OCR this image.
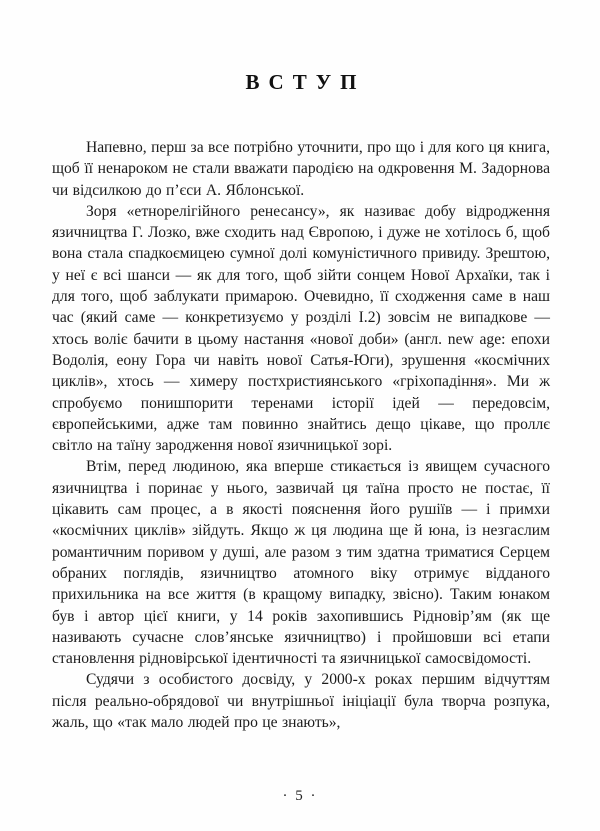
ВСТУП

Напевно, перш за все потрібно уточнити, про що і для кого ця книга, щоб її ненароком не стали вважати пародією на одкровення М. Задорнова чи відсилкою до п’єси А. Яблонської.

Зоря «етнорелігійного ренесансу», як називає добу відродження язичництва Г. Лозко, вже сходить над Європою, і дуже не хотілось б, щоб вона стала спадкоємицею сумної долі комуністичного привиду. Зрештою, у неї є всі шанси — як для того, щоб зійти сонцем Нової Архаїки, так і для того, щоб заблукати примарою. Очевидно, її сходження саме в наш час (який саме — конкретизуємо у розділі I.2) зовсім не випадкове — хтось воліє бачити в цьому настання «нової доби» (англ. new age: епохи Водолія, еону Гора чи навіть нової Сатья-Юги), зрушення «космічних циклів», хтось — химеру постхристиянського «гріхопадіння». Ми ж спробуємо понишпорити теренами історії ідей — передовсім, європейськими, адже там повинно знайтись дещо цікаве, що проллє світло на таїну зародження нової язичницької зорі.

Втім, перед людиною, яка вперше стикається із явищем сучасного язичництва і поринає у нього, зазвичай ця таїна просто не постає, її цікавить сам процес, а в якості пояснення його рушіїв — і примхи «космічних циклів» зійдуть. Якщо ж ця людина ще й юна, із незгаслим романтичним поривом у душі, але разом з тим здатна триматися Серцем обраних поглядів, язичництво атомного віку отримує відданого прихильника на все життя (в кращому випадку, звісно). Таким юнаком був і автор цієї книги, у 14 років захопившись Рідновір’ям (як ще називають сучасне слов’янське язичництво) і пройшовши всі етапи становлення рідновірської ідентичності та язичницької самосвідомості.

Судячи з особистого досвіду, у 2000-х роках першим відчуттям після реально-обрядової чи внутрішньої ініціації була творча розпука, жаль, що «так мало людей про це знають»,

· 5 ·
